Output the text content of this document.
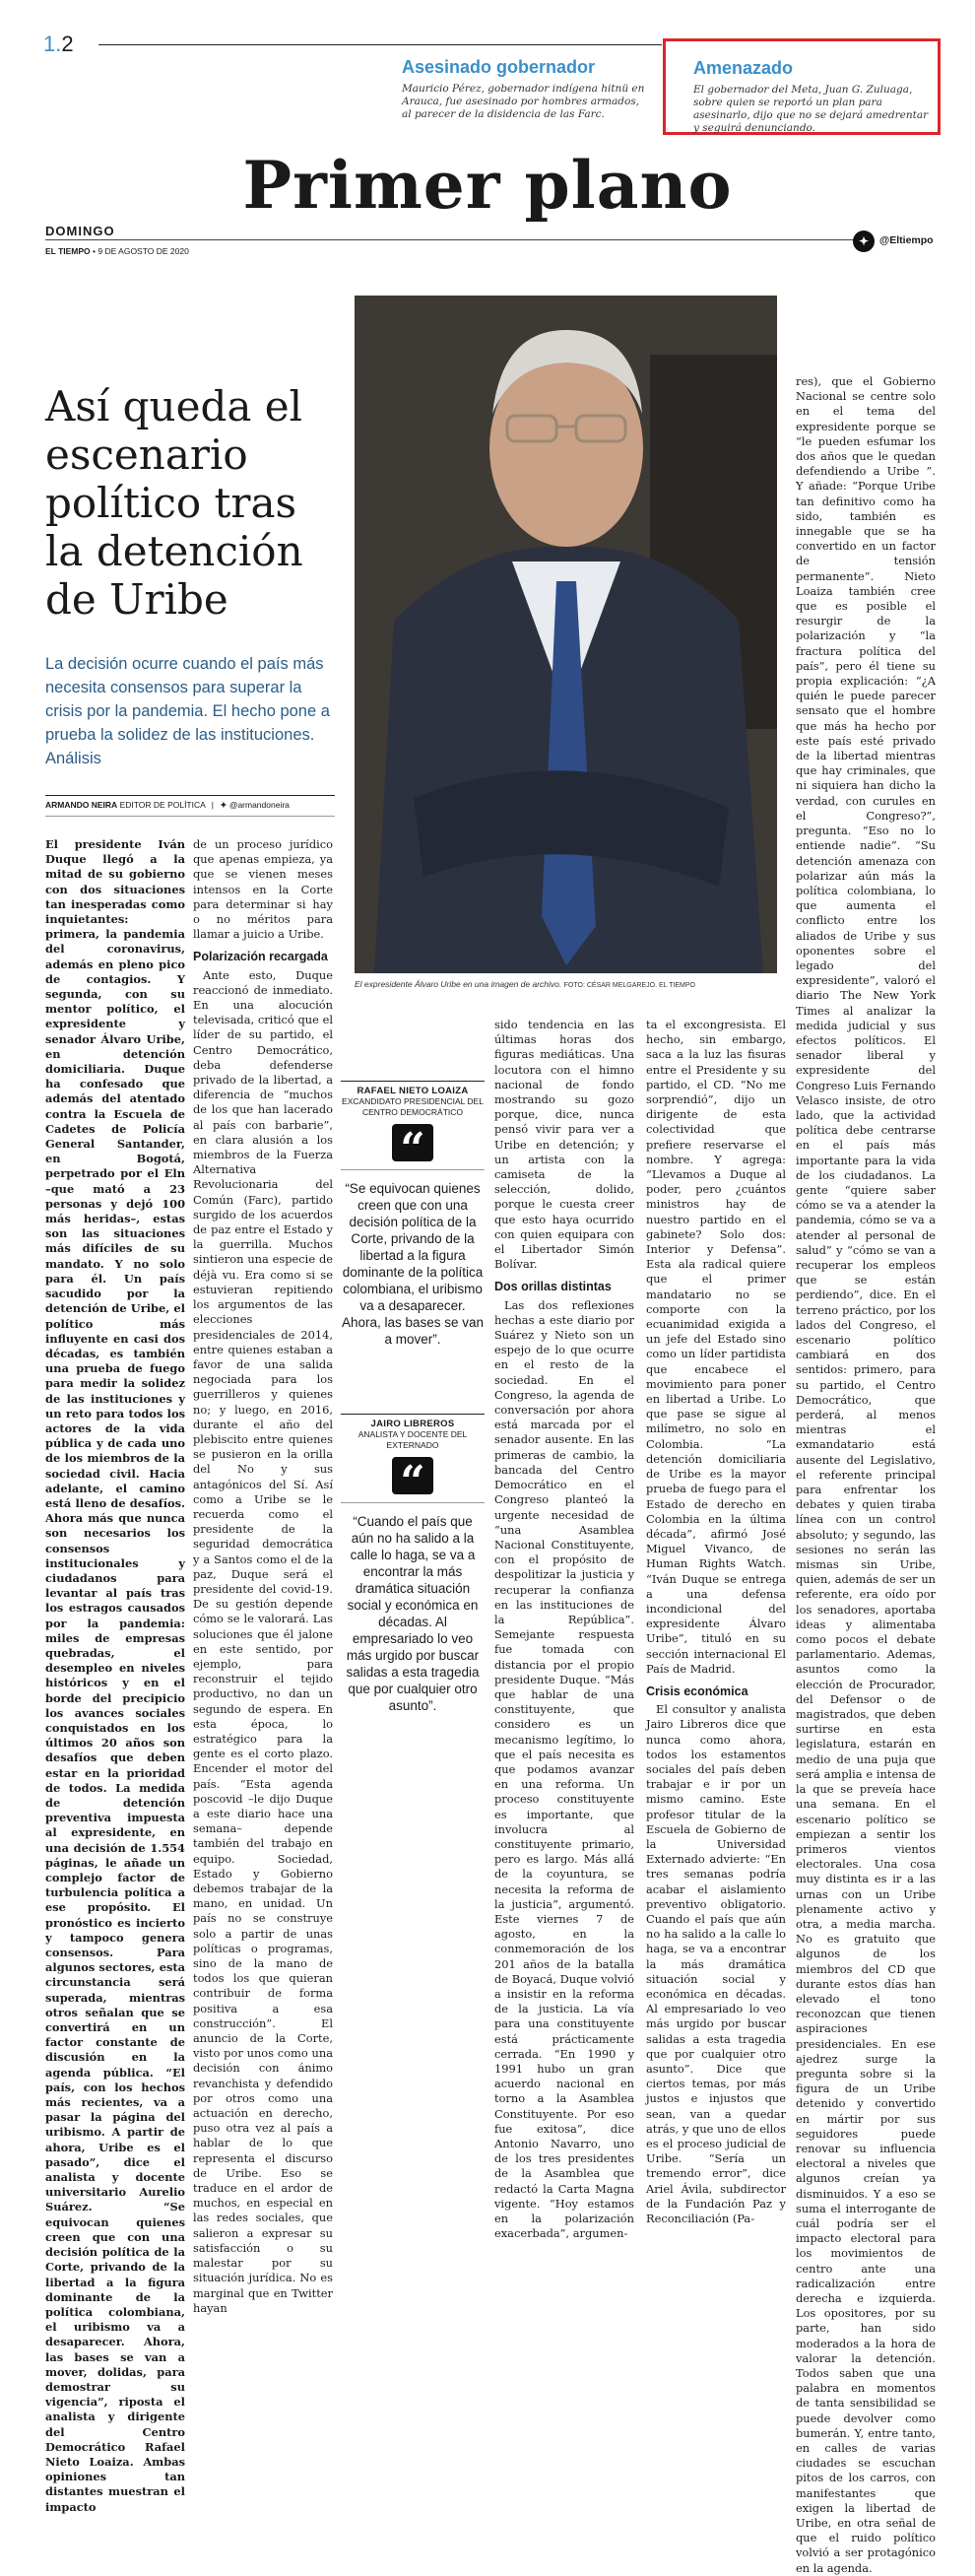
1.2
Asesinado gobernador
Mauricio Pérez, gobernador indígena hitnü en Arauca, fue asesinado por hombres armados, al parecer de la disidencia de las Farc.
Amenazado
El gobernador del Meta, Juan G. Zuluaga, sobre quien se reportó un plan para asesinarlo, dijo que no se dejará amedrentar y seguirá denunciando.
Primer plano
DOMINGO
EL TIEMPO • 9 DE AGOSTO DE 2020
✦	@Eltiempo
Así queda el escenario político tras la detención de Uribe
La decisión ocurre cuando el país más necesita consensos para superar la crisis por la pandemia. El hecho pone a prueba la solidez de las instituciones. Análisis
ARMANDO NEIRA EDITOR DE POLÍTICA | ✦ @armandoneira
El expresidente Álvaro Uribe en una imagen de archivo. FOTO: CÉSAR MELGAREJO. EL TIEMPO

El presidente Iván Duque llegó a la mitad de su gobierno con dos situaciones tan inesperadas como inquietantes: primera, la pandemia del coronavirus, además en pleno pico de contagios. Y segunda, con su mentor político, el expresidente y senador Álvaro Uribe, en detención domiciliaria. Duque ha confesado que además del atentado contra la Escuela de Cadetes de Policía General Santander, en Bogotá, perpetrado por el Eln –que mató a 23 personas y dejó 100 más heridas–, estas son las situaciones más difíciles de su mandato. Y no solo para él. Un país sacudido por la detención de Uribe, el político más influyente en casi dos décadas, es también una prueba de fuego para medir la solidez de las instituciones y un reto para todos los actores de la vida pública y de cada uno de los miembros de la sociedad civil. Hacia adelante, el camino está lleno de desafíos. Ahora más que nunca son necesarios los consensos institucionales y ciudadanos para levantar al país tras los estragos causados por la pandemia: miles de empresas quebradas, el desempleo en niveles históricos y en el borde del precipicio los avances sociales conquistados en los últimos 20 años son desafíos que deben estar en la prioridad de todos. La medida de detención preventiva impuesta al expresidente, en una decisión de 1.554 páginas, le añade un complejo factor de turbulencia política a ese propósito. El pronóstico es incierto y tampoco genera consensos. Para algunos sectores, esta circunstancia será superada, mientras otros señalan que se convertirá en un factor constante de discusión en la agenda pública. “El país, con los hechos más recientes, va a pasar la página del uribismo. A partir de ahora, Uribe es el pasado”, dice el analista y docente universitario Aurelio Suárez. “Se equivocan quienes creen que con una decisión política de la Corte, privando de la libertad a la figura dominante de la política colombiana, el uribismo va a desaparecer. Ahora, las bases se van a mover, dolidas, para demostrar su vigencia”, riposta el analista y dirigente del Centro Democrático Rafael Nieto Loaiza. Ambas opiniones tan distantes muestran el impacto

de un proceso jurídico que apenas empieza, ya que se vienen meses intensos en la Corte para determinar si hay o no méritos para llamar a juicio a Uribe.

Polarización recargada

Ante esto, Duque reaccionó de inmediato. En una alocución televisada, criticó que el líder de su partido, el Centro Democrático, deba defenderse privado de la libertad, a diferencia de “muchos de los que han lacerado al país con barbarie”, en clara alusión a los miembros de la Fuerza Alternativa Revolucionaria del Común (Farc), partido surgido de los acuerdos de paz entre el Estado y la guerrilla. Muchos sintieron una especie de déjà vu. Era como si se estuvieran repitiendo los argumentos de las elecciones presidenciales de 2014, entre quienes estaban a favor de una salida negociada para los guerrilleros y quienes no; y luego, en 2016, durante el año del plebiscito entre quienes se pusieron en la orilla del No y sus antagónicos del Sí. Así como a Uribe se le recuerda como el presidente de la seguridad democrática y a Santos como el de la paz, Duque será el presidente del covid-19. De su gestión depende cómo se le valorará. Las soluciones que él jalone en este sentido, por ejemplo, para reconstruir el tejido productivo, no dan un segundo de espera. En esta época, lo estratégico para la gente es el corto plazo. Encender el motor del país. “Esta agenda poscovid –le dijo Duque a este diario hace una semana– depende también del trabajo en equipo. Sociedad, Estado y Gobierno debemos trabajar de la mano, en unidad. Un país no se construye solo a partir de unas políticas o programas, sino de la mano de todos los que quieran contribuir de forma positiva a esa construcción”. El anuncio de la Corte, visto por unos como una decisión con ánimo revanchista y defendido por otros como una actuación en derecho, puso otra vez al país a hablar de lo que representa el discurso de Uribe. Eso se traduce en el ardor de muchos, en especial en las redes sociales, que salieron a expresar su satisfacción o su malestar por su situación jurídica. No es marginal que en Twitter hayan

RAFAEL NIETO LOAIZA
EXCANDIDATO PRESIDENCIAL DEL CENTRO DEMOCRÁTICO
“
“Se equivocan quienes creen que con una decisión política de la Corte, privando de la libertad a la figura dominante de la política colombiana, el uribismo va a desaparecer. Ahora, las bases se van a mover”.
JAIRO LIBREROS
ANALISTA Y DOCENTE DEL EXTERNADO
“
“Cuando el país que aún no ha salido a la calle lo haga, se va a encontrar la más dramática situación social y económica en décadas. Al empresariado lo veo más urgido por buscar salidas a esta tragedia que por cualquier otro asunto”.

sido tendencia en las últimas horas dos figuras mediáticas. Una locutora con el himno nacional de fondo mostrando su gozo porque, dice, nunca pensó vivir para ver a Uribe en detención; y un artista con la camiseta de la selección, dolido, porque le cuesta creer que esto haya ocurrido con quien equipara con el Libertador Simón Bolívar.

Dos orillas distintas

Las dos reflexiones hechas a este diario por Suárez y Nieto son un espejo de lo que ocurre en el resto de la sociedad. En el Congreso, la agenda de conversación por ahora está marcada por el senador ausente. En las primeras de cambio, la bancada del Centro Democrático en el Congreso planteó la urgente necesidad de “una Asamblea Nacional Constituyente, con el propósito de despolitizar la justicia y recuperar la confianza en las instituciones de la República”. Semejante respuesta fue tomada con distancia por el propio presidente Duque. “Más que hablar de una constituyente, que considero es un mecanismo legítimo, lo que el país necesita es que podamos avanzar en una reforma. Un proceso constituyente es importante, que involucra al constituyente primario, pero es largo. Más allá de la coyuntura, se necesita la reforma de la justicia”, argumentó. Este viernes 7 de agosto, en la conmemoración de los 201 años de la batalla de Boyacá, Duque volvió a insistir en la reforma de la justicia. La vía para una constituyente está prácticamente cerrada. “En 1990 y 1991 hubo un gran acuerdo nacional en torno a la Asamblea Constituyente. Por eso fue exitosa”, dice Antonio Navarro, uno de los tres presidentes de la Asamblea que redactó la Carta Magna vigente. “Hoy estamos en la polarización exacerbada”, argumen-

ta el excongresista. El hecho, sin embargo, saca a la luz las fisuras entre el Presidente y su partido, el CD. “No me sorprendió”, dijo un dirigente de esta colectividad que prefiere reservarse el nombre. Y agrega: “Llevamos a Duque al poder, pero ¿cuántos ministros hay de nuestro partido en el gabinete? Solo dos: Interior y Defensa”. Esta ala radical quiere que el primer mandatario no se comporte con la ecuanimidad exigida a un jefe del Estado sino como un líder partidista que encabece el movimiento para poner en libertad a Uribe. Lo que pase se sigue al milímetro, no solo en Colombia. “La detención domiciliaria de Uribe es la mayor prueba de fuego para el Estado de derecho en Colombia en la última década”, afirmó José Miguel Vivanco, de Human Rights Watch. “Iván Duque se entrega a una defensa incondicional del expresidente Álvaro Uribe”, tituló en su sección internacional El País de Madrid.

Crisis económica

El consultor y analista Jairo Libreros dice que nunca como ahora, todos los estamentos sociales del país deben trabajar e ir por un mismo camino. Este profesor titular de la Escuela de Gobierno de la Universidad Externado advierte: “En tres semanas podría acabar el aislamiento preventivo obligatorio. Cuando el país que aún no ha salido a la calle lo haga, se va a encontrar la más dramática situación social y económica en décadas. Al empresariado lo veo más urgido por buscar salidas a esta tragedia que por cualquier otro asunto”. Dice que ciertos temas, por más justos e injustos que sean, van a quedar atrás, y que uno de ellos es el proceso judicial de Uribe. “Sería un tremendo error”, dice Ariel Ávila, subdirector de la Fundación Paz y Reconciliación (Pa-

res), que el Gobierno Nacional se centre solo en el tema del expresidente porque se “le pueden esfumar los dos años que le quedan defendiendo a Uribe ”. Y añade: “Porque Uribe tan definitivo como ha sido, también es innegable que se ha convertido en un factor de tensión permanente”. Nieto Loaiza también cree que es posible el resurgir de la polarización y “la fractura política del país”, pero él tiene su propia explicación: “¿A quién le puede parecer sensato que el hombre que más ha hecho por este país esté privado de la libertad mientras que hay criminales, que ni siquiera han dicho la verdad, con curules en el Congreso?”, pregunta. “Eso no lo entiende nadie”. “Su detención amenaza con polarizar aún más la política colombiana, lo que aumenta el conflicto entre los aliados de Uribe y sus oponentes sobre el legado del expresidente”, valoró el diario The New York Times al analizar la medida judicial y sus efectos políticos. El senador liberal y expresidente del Congreso Luis Fernando Velasco insiste, de otro lado, que la actividad política debe centrarse en el país más importante para la vida de los ciudadanos. La gente “quiere saber cómo se va a atender la pandemia, cómo se va a atender al personal de salud” y “cómo se van a recuperar los empleos que se están perdiendo”, dice. En el terreno práctico, por los lados del Congreso, el escenario político cambiará en dos sentidos: primero, para su partido, el Centro Democrático, que perderá, al menos mientras el exmandatario está ausente del Legislativo, el referente principal para enfrentar los debates y quien tiraba línea con un control absoluto; y segundo, las sesiones no serán las mismas sin Uribe, quien, además de ser un referente, era oído por los senadores, aportaba ideas y alimentaba como pocos el debate parlamentario. Ademas, asuntos como la elección de Procurador, del Defensor o de magistrados, que deben surtirse en esta legislatura, estarán en medio de una puja que será amplia e intensa de la que se preveía hace una semana. En el escenario político se empiezan a sentir los primeros vientos electorales. Una cosa muy distinta es ir a las urnas con un Uribe plenamente activo y otra, a media marcha. No es gratuito que algunos de los miembros del CD que durante estos días han elevado el tono reconozcan que tienen aspiraciones presidenciales. En ese ajedrez surge la pregunta sobre si la figura de un Uribe detenido y convertido en mártir por sus seguidores puede renovar su influencia electoral a niveles que algunos creían ya disminuidos. Y a eso se suma el interrogante de cuál podría ser el impacto electoral para los movimientos de centro ante una radicalización entre derecha e izquierda. Los opositores, por su parte, han sido moderados a la hora de valorar la detención. Todos saben que una palabra en momentos de tanta sensibilidad se puede devolver como bumerán. Y, entre tanto, en calles de varias ciudades se escuchan pitos de los carros, con manifestantes que exigen la libertad de Uribe, en otra señal de que el ruido político volvió a ser protagónico en la agenda.
